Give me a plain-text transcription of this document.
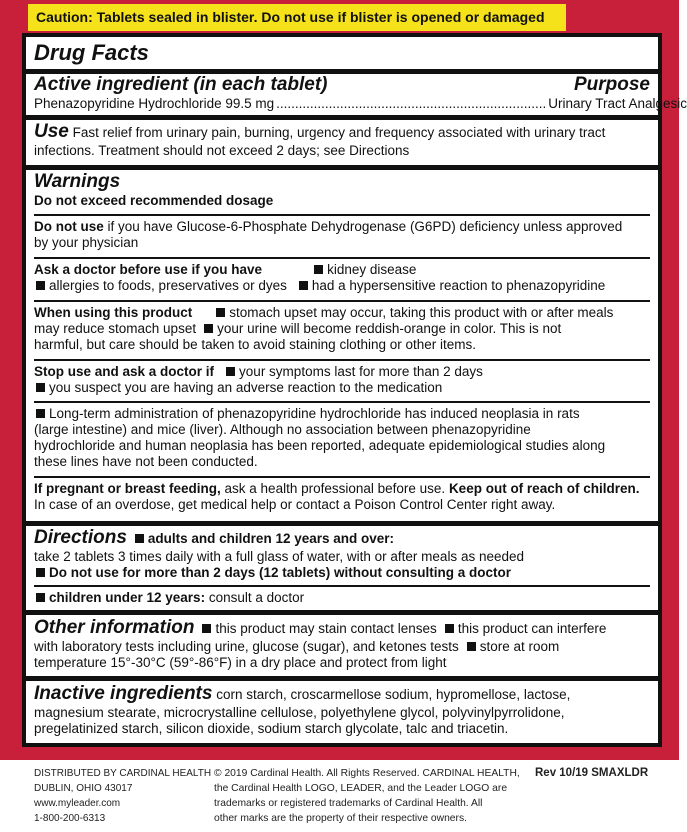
Caution: Tablets sealed in blister. Do not use if blister is opened or damaged
Drug Facts
Active ingredient (in each tablet)	Purpose
Phenazopyridine Hydrochloride 99.5 mg ........................................................................ Urinary Tract Analgesic
Use Fast relief from urinary pain, burning, urgency and frequency associated with urinary tract
infections. Treatment should not exceed 2 days; see Directions
Warnings
Do not exceed recommended dosage
Do not use if you have Glucose-6-Phosphate Dehydrogenase (G6PD) deficiency unless approved
by your physician
Ask a doctor before use if you have	kidney disease
allergies to foods, preservatives or dyes had a hypersensitive reaction to phenazopyridine
When using this product	stomach upset may occur, taking this product with or after meals
may reduce stomach upset your urine will become reddish-orange in color. This is not
harmful, but care should be taken to avoid staining clothing or other items.
Stop use and ask a doctor if your symptoms last for more than 2 days
you suspect you are having an adverse reaction to the medication
Long-term administration of phenazopyridine hydrochloride has induced neoplasia in rats
(large intestine) and mice (liver). Although no association between phenazopyridine
hydrochloride and human neoplasia has been reported, adequate epidemiological studies along
these lines have not been conducted.
If pregnant or breast feeding, ask a health professional before use. Keep out of reach of children.
In case of an overdose, get medical help or contact a Poison Control Center right away.
Directions adults and children 12 years and over:
take 2 tablets 3 times daily with a full glass of water, with or after meals as needed
Do not use for more than 2 days (12 tablets) without consulting a doctor
children under 12 years: consult a doctor
Other information this product may stain contact lenses this product can interfere
with laboratory tests including urine, glucose (sugar), and ketones tests store at room
temperature 15°-30°C (59°-86°F) in a dry place and protect from light
Inactive ingredients corn starch, croscarmellose sodium, hypromellose, lactose,
magnesium stearate, microcrystalline cellulose, polyethylene glycol, polyvinylpyrrolidone,
pregelatinized starch, silicon dioxide, sodium starch glycolate, talc and triacetin.
DISTRIBUTED BY CARDINAL HEALTH
DUBLIN, OHIO 43017
www.myleader.com
1-800-200-6313
© 2019 Cardinal Health. All Rights Reserved. CARDINAL HEALTH,
the Cardinal Health LOGO, LEADER, and the Leader LOGO are
trademarks or registered trademarks of Cardinal Health. All
other marks are the property of their respective owners.
Rev 10/19 SMAXLDR
